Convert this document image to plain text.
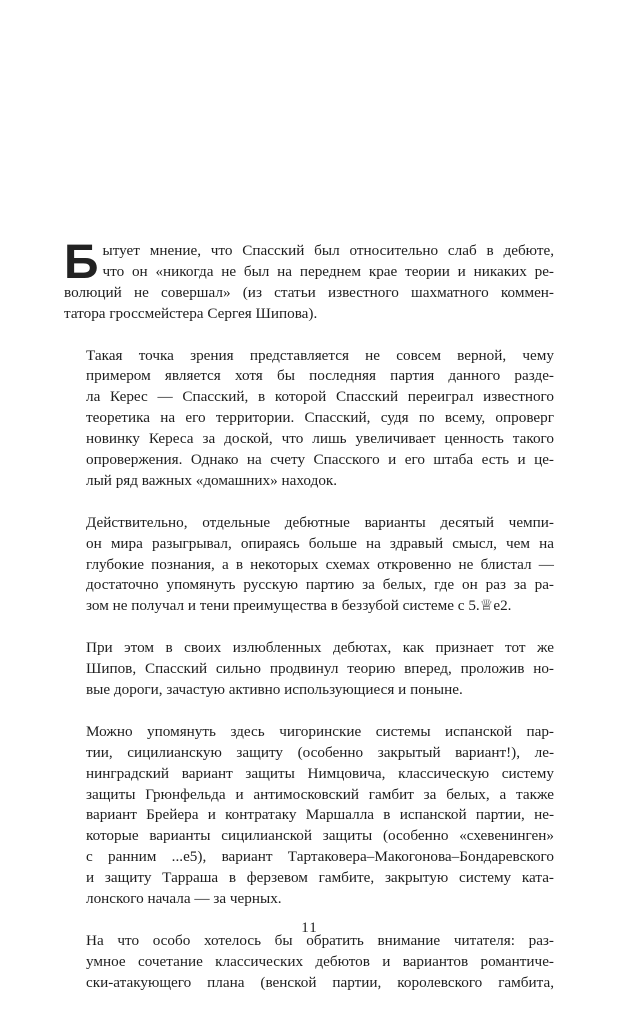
Б ытует мнение, что Спасский был относительно слаб в дебюте,
что он «никогда не был на переднем крае теории и никаких ре-
волюций не совершал» (из статьи известного шахматного коммен-
татора гроссмейстера Сергея Шипова).

Такая точка зрения представляется не совсем верной, чему
примером является хотя бы последняя партия данного разде-
ла Керес — Спасский, в которой Спасский переиграл известного
теоретика на его территории. Спасский, судя по всему, опроверг
новинку Кереса за доской, что лишь увеличивает ценность такого
опровержения. Однако на счету Спасского и его штаба есть и це-
лый ряд важных «домашних» находок.

Действительно, отдельные дебютные варианты десятый чемпи-
он мира разыгрывал, опираясь больше на здравый смысл, чем на
глубокие познания, а в некоторых схемах откровенно не блистал —
достаточно упомянуть русскую партию за белых, где он раз за ра-
зом не получал и тени преимущества в беззубой системе с 5.♕e2.

При этом в своих излюбленных дебютах, как признает тот же
Шипов, Спасский сильно продвинул теорию вперед, проложив но-
вые дороги, зачастую активно использующиеся и поныне.

Можно упомянуть здесь чигоринские системы испанской пар-
тии, сицилианскую защиту (особенно закрытый вариант!), ле-
нинградский вариант защиты Нимцовича, классическую систему
защиты Грюнфельда и антимосковский гамбит за белых, а также
вариант Брейера и контратаку Маршалла в испанской партии, не-
которые варианты сицилианской защиты (особенно «схевенинген»
с ранним ...e5), вариант Тартаковера–Макогонова–Бондаревского
и защиту Тарраша в ферзевом гамбите, закрытую систему ката-
лонского начала — за черных.

На что особо хотелось бы обратить внимание читателя: раз-
умное сочетание классических дебютов и вариантов романтиче-
ски-атакующего плана (венской партии, королевского гамбита,

11
